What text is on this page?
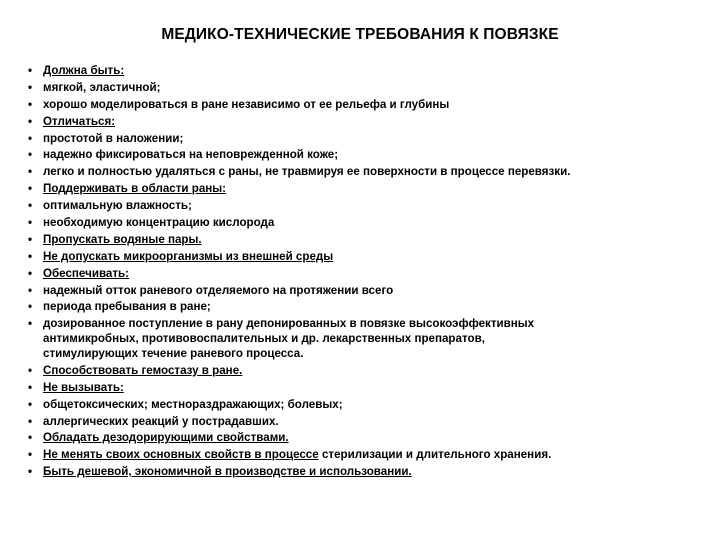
МЕДИКО-ТЕХНИЧЕСКИЕ ТРЕБОВАНИЯ К ПОВЯЗКЕ
• Должна быть:
• мягкой, эластичной;
• хорошо моделироваться в ране независимо от ее рельефа и глубины
• Отличаться:
• простотой в наложении;
• надежно фиксироваться на неповрежденной коже;
• легко и полностью удаляться с раны, не травмируя ее поверхности в процессе перевязки.
• Поддерживать в области раны:
• оптимальную влажность;
• необходимую концентрацию кислорода
• Пропускать водяные пары.
• Не допускать микроорганизмы из внешней среды
• Обеспечивать:
• надежный отток раневого отделяемого на протяжении всего
• периода пребывания в ране;
• дозированное поступление в рану депонированных в повязке высокоэффективных
антимикробных, противовоспалительных и др. лекарственных препаратов,
стимулирующих течение раневого процесса.
• Способствовать гемостазу в ране.
• Не вызывать:
• общетоксических; местнораздражающих; болевых;
• аллергических реакций у пострадавших.
• Обладать дезодорирующими свойствами.
• Не менять своих основных свойств в процессе стерилизации и длительного хранения.
• Быть дешевой, экономичной в производстве и использовании.
